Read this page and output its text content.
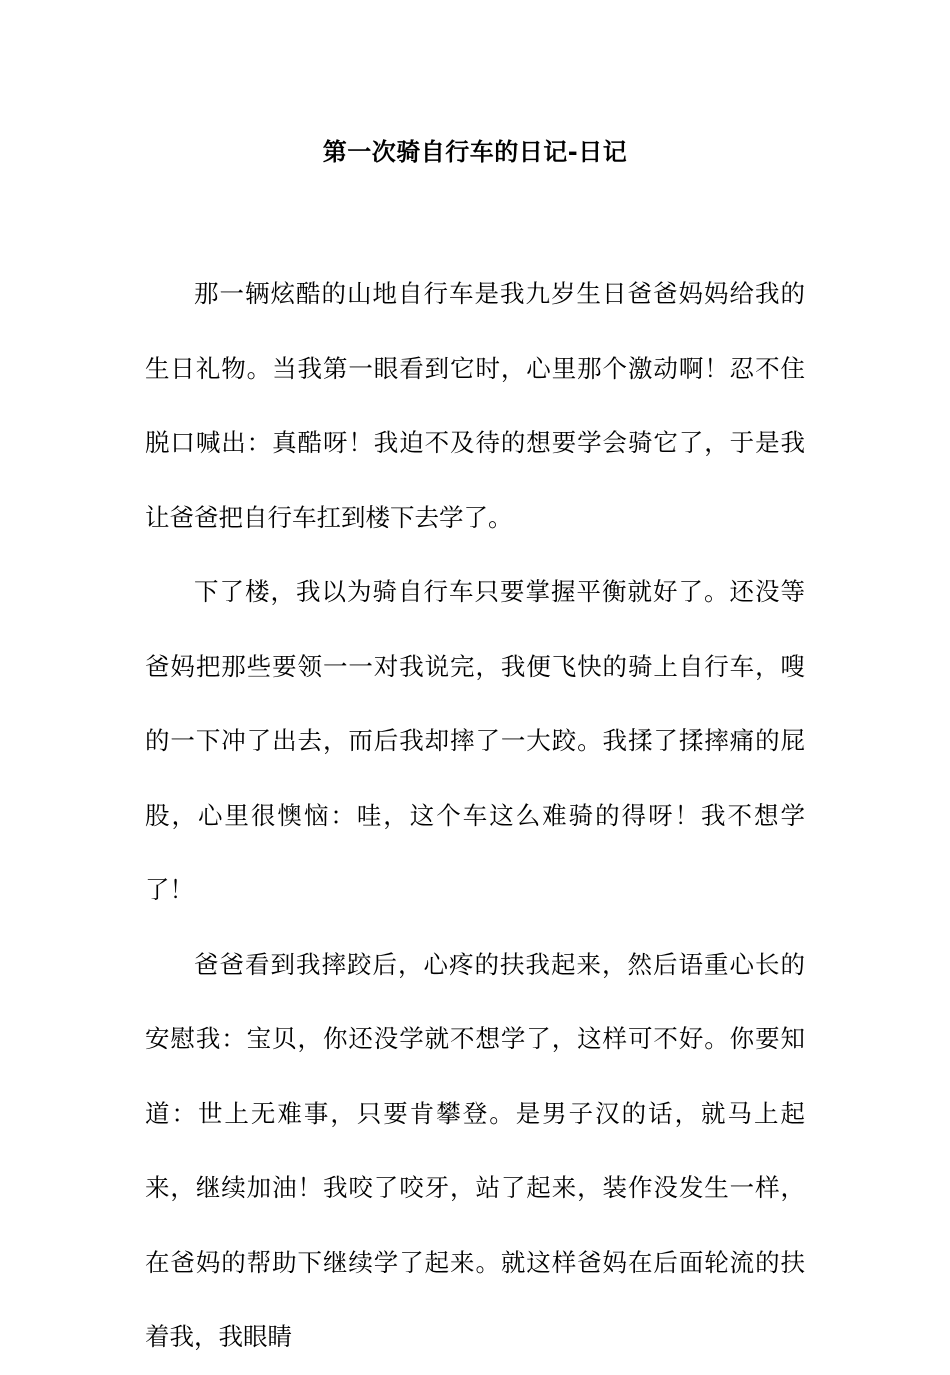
第一次骑自行车的日记-日记

那一辆炫酷的山地自行车是我九岁生日爸爸妈妈给我的生日礼物。当我第一眼看到它时，心里那个激动啊！忍不住脱口喊出：真酷呀！我迫不及待的想要学会骑它了，于是我让爸爸把自行车扛到楼下去学了。

下了楼，我以为骑自行车只要掌握平衡就好了。还没等爸妈把那些要领一一对我说完，我便飞快的骑上自行车，嗖的一下冲了出去，而后我却摔了一大跤。我揉了揉摔痛的屁股，心里很懊恼：哇，这个车这么难骑的得呀！我不想学了！

爸爸看到我摔跤后，心疼的扶我起来，然后语重心长的安慰我：宝贝，你还没学就不想学了，这样可不好。你要知道：世上无难事，只要肯攀登。是男子汉的话，就马上起来，继续加油！我咬了咬牙，站了起来，装作没发生一样，在爸妈的帮助下继续学了起来。就这样爸妈在后面轮流的扶着我，我眼睛
